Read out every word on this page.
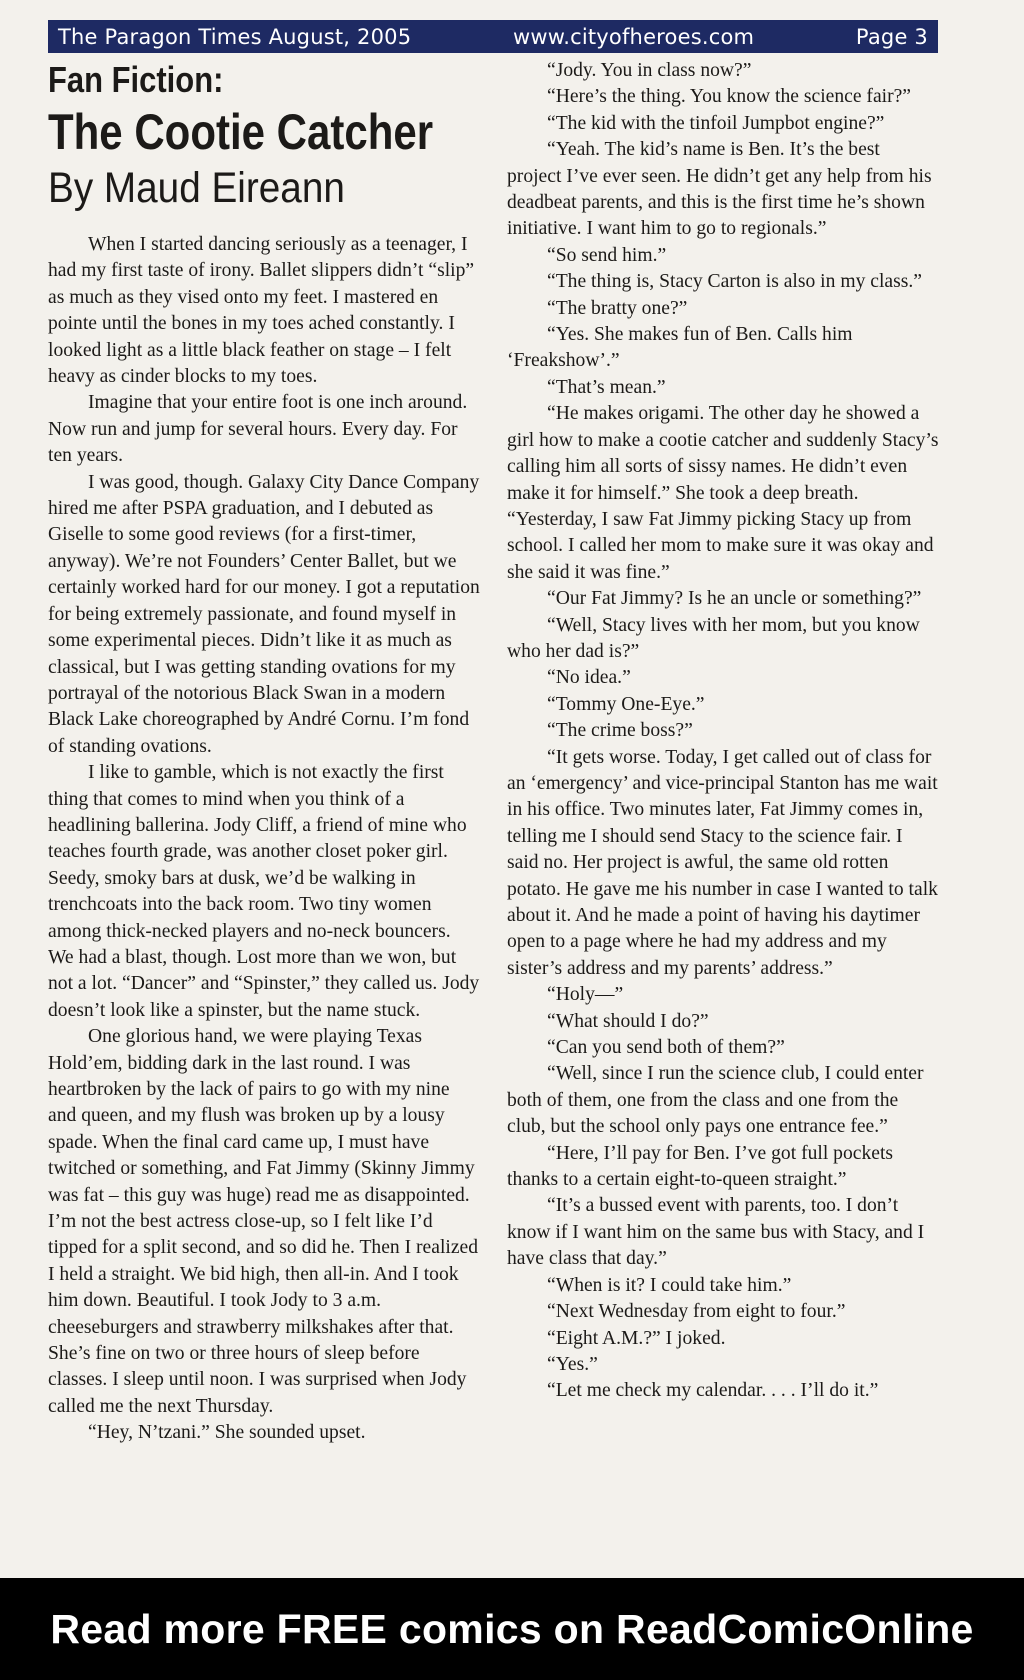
The Paragon Times August, 2005	www.cityofheroes.com	Page 3
Fan Fiction:
The Cootie Catcher
By Maud Eireann

When I started dancing seriously as a teenager, I had my first taste of irony. Ballet slippers didn’t “slip” as much as they vised onto my feet. I mastered en pointe until the bones in my toes ached constantly. I looked light as a little black feather on stage – I felt heavy as cinder blocks to my toes.

Imagine that your entire foot is one inch around. Now run and jump for several hours. Every day. For ten years.

I was good, though. Galaxy City Dance Company hired me after PSPA graduation, and I debuted as Giselle to some good reviews (for a first-timer, anyway). We’re not Founders’ Center Ballet, but we certainly worked hard for our money. I got a reputation for being extremely passionate, and found myself in some experimental pieces. Didn’t like it as much as classical, but I was getting standing ovations for my portrayal of the notorious Black Swan in a modern Black Lake choreographed by André Cornu. I’m fond of standing ovations.

I like to gamble, which is not exactly the first thing that comes to mind when you think of a headlining ballerina. Jody Cliff, a friend of mine who teaches fourth grade, was another closet poker girl. Seedy, smoky bars at dusk, we’d be walking in trenchcoats into the back room. Two tiny women among thick-necked players and no-neck bouncers. We had a blast, though. Lost more than we won, but not a lot. “Dancer” and “Spinster,” they called us. Jody doesn’t look like a spinster, but the name stuck.

One glorious hand, we were playing Texas Hold’em, bidding dark in the last round. I was heartbroken by the lack of pairs to go with my nine and queen, and my flush was broken up by a lousy spade. When the final card came up, I must have twitched or something, and Fat Jimmy (Skinny Jimmy was fat – this guy was huge) read me as disappointed. I’m not the best actress close-up, so I felt like I’d tipped for a split second, and so did he. Then I realized I held a straight. We bid high, then all-in. And I took him down. Beautiful. I took Jody to 3 a.m. cheeseburgers and strawberry milkshakes after that. She’s fine on two or three hours of sleep before classes. I sleep until noon. I was surprised when Jody called me the next Thursday.

“Hey, N’tzani.” She sounded upset.

“Jody. You in class now?”

“Here’s the thing. You know the science fair?”

“The kid with the tinfoil Jumpbot engine?”

“Yeah. The kid’s name is Ben. It’s the best project I’ve ever seen. He didn’t get any help from his deadbeat parents, and this is the first time he’s shown initiative. I want him to go to regionals.”

“So send him.”

“The thing is, Stacy Carton is also in my class.”

“The bratty one?”

“Yes. She makes fun of Ben. Calls him ‘Freakshow’.”

“That’s mean.”

“He makes origami. The other day he showed a girl how to make a cootie catcher and suddenly Stacy’s calling him all sorts of sissy names. He didn’t even make it for himself.” She took a deep breath. “Yesterday, I saw Fat Jimmy picking Stacy up from school. I called her mom to make sure it was okay and she said it was fine.”

“Our Fat Jimmy? Is he an uncle or something?”

“Well, Stacy lives with her mom, but you know who her dad is?”

“No idea.”

“Tommy One-Eye.”

“The crime boss?”

“It gets worse. Today, I get called out of class for an ‘emergency’ and vice-principal Stanton has me wait in his office. Two minutes later, Fat Jimmy comes in, telling me I should send Stacy to the science fair. I said no. Her project is awful, the same old rotten potato. He gave me his number in case I wanted to talk about it. And he made a point of having his daytimer open to a page where he had my address and my sister’s address and my parents’ address.”

“Holy—”

“What should I do?”

“Can you send both of them?”

“Well, since I run the science club, I could enter both of them, one from the class and one from the club, but the school only pays one entrance fee.”

“Here, I’ll pay for Ben. I’ve got full pockets thanks to a certain eight-to-queen straight.”

“It’s a bussed event with parents, too. I don’t know if I want him on the same bus with Stacy, and I have class that day.”

“When is it? I could take him.”

“Next Wednesday from eight to four.”

“Eight A.M.?” I joked.

“Yes.”

“Let me check my calendar. . . . I’ll do it.”

Read more FREE comics on ReadComicOnline
